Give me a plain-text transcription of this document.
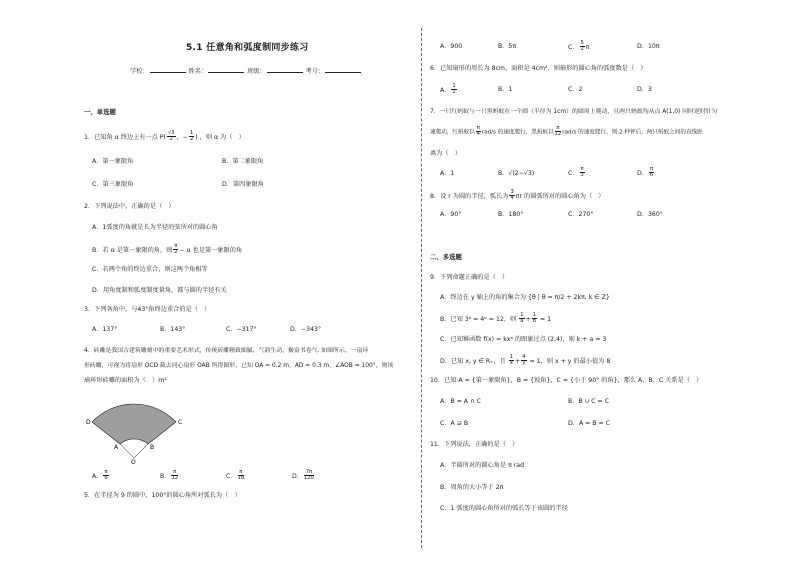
5.1 任意角和弧度制同步练习
学校：	姓名：	班级：	考号：
一、单选题
1．已知角 α 终边上有一点 $P( \frac{√3}{2}$ ，− $\frac{1}{2}$ ) ，则 α 为（　）
A．第一象限角	B．第二象限角
C．第三象限角	D．第四象限角
2．下列说法中，正确的是（　）
A．1弧度的角就是长为半径的弦所对的圆心角
B．若 α 是第一象限的角，则 $\frac{\pi}{2} - \alpha$ 也是第一象限的角
C．若两个角的终边重合，则这两个角相等
D．用角度制和弧度制度量角，都与圆的半径有关
3．下列各角中，与43°角终边重合的是（　）
A．137°	B．143°	C．−317°	D．−343°
4．砖雕是我国古建筑雕刻中的重要艺术形式，传统砖雕精致细腻、气韵生动、极富书卷气. 如图所示，一扇环
形砖雕，可视为将扇形 OCD 截去同心扇形 OAB 所得图形，已知 OA = 0.2 m，AD = 0.3 m，∠AOB = 100°，则该
扇环形砖雕的面积为（　）m²
D	C
A	B
O
A． $\frac{\pi}{6}$	B． $\frac{\pi}{12}$	C． $\frac{\pi}{18}$	D． $\frac{7\pi}{120}$
5．在半径为 9 的圆中，100°的圆心角所对弧长为（　）
A．900	B．5π	C． $\frac{5}{2}$ π	D．10π
6．已知扇形的周长为 8cm，面积是 4cm²，则扇形的圆心角的弧度数是（　）
A． $\frac{1}{2}$	B．1	C．2	D．3
7．一只红蚂蚁与一只黑蚂蚁在一个圆（半径为 1cm）的圆周上爬动，且两只蚂蚁均从点 A(1,0) 同时逆时针匀
速爬动，红蚂蚁以 $\frac{\pi}{4} rad/s$ 的速度爬行，黑蚂蚁以 $\frac{\pi}{12} rad/s$ 的速度爬行，则 2 秒钟后，两只蚂蚁之间的直线距
离为（　）
A．1	B．√(2−√3)	C． $\frac{\pi}{3}$	D． $\frac{\pi}{6}$
8．设 r 为圆的半径，弧长为 $\frac{3}{4}$ πr 的圆弧所对的圆心角为（　）
A．90°	B．180°	C．270°	D．360°
二、多选题
9．下列命题正确的是（　）
A．终边在 y 轴上的角的集合为 {θ | θ = π/2 + 2kπ, k ∈ Z}
B．已知 3ᵃ = 4ᵇ = 12，则 $\frac{1}{a} + \frac{1}{b} = 1$
C．已知幂函数 f(x) = kxᵃ 的图象过点 (2,4)，则 k + a = 3
D．已知 x, y ∈ R₊，且 $\frac{1}{x} + \frac{4}{y} = 1$，则 x + y 的最小值为 8
10．已知 A = {第一象限角}，B = {锐角}，C = {小于 90° 的角}，那么 A、B、C 关系是（　）
A．B = A ∩ C	B．B ∪ C = C
C．A ⊇ B	D．A = B = C
11．下列说法，正确的是（　）
A．半圆所对的圆心角是 π rad
B．周角的大小等于 2π
C．1 弧度的圆心角所对的弧长等于该圆的半径
